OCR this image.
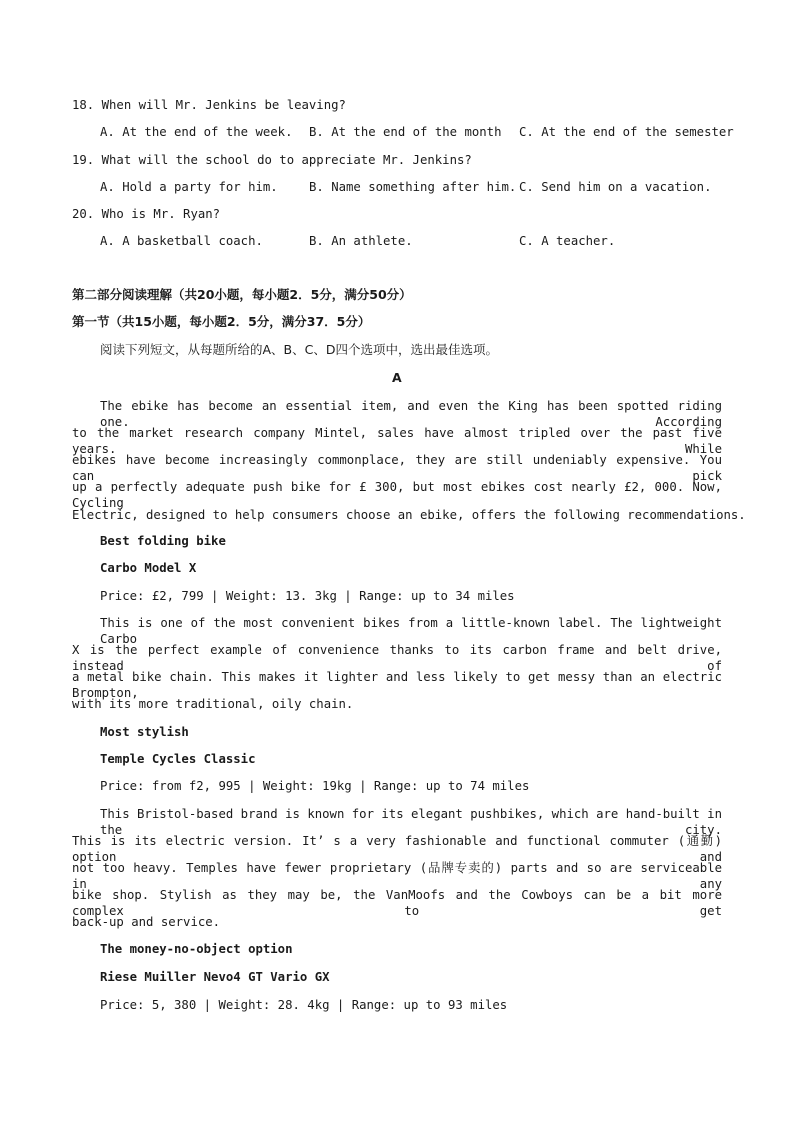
18. When will Mr. Jenkins be leaving?
A. At the end of the week. B. At the end of the month C. At the end of the semester
19. What will the school do to appreciate Mr. Jenkins?
A. Hold a party for him.	B. Name something after him. C. Send him on a vacation.
20. Who is Mr. Ryan?
A. A basketball coach.	B. An athlete.	C. A teacher.
第二部分阅读理解（共20小题，每小题2．5分，满分50分）
第一节（共15小题，每小题2．5分，满分37．5分）
阅读下列短文，从每题所给的A、B、C、D四个选项中，选出最佳选项。
A
The ebike has become an essential item, and even the King has been spotted riding one. According
to the market research company Mintel, sales have almost tripled over the past five years. While
ebikes have become increasingly commonplace, they are still undeniably expensive. You can pick
up a perfectly adequate push bike for £ 300, but most ebikes cost nearly £2, 000. Now, Cycling
Electric, designed to help consumers choose an ebike, offers the following recommendations.
Best folding bike
Carbo Model X
Price: £2, 799 | Weight: 13. 3kg | Range: up to 34 miles
This is one of the most convenient bikes from a little-known label. The lightweight Carbo
X is the perfect example of convenience thanks to its carbon frame and belt drive, instead of
a metal bike chain. This makes it lighter and less likely to get messy than an electric Brompton,
with its more traditional, oily chain.
Most stylish
Temple Cycles Classic
Price: from f2, 995 | Weight: 19kg | Range: up to 74 miles
This Bristol-based brand is known for its elegant pushbikes, which are hand-built in the city.
This is its electric version. It’ s a very fashionable and functional commuter (通勤) option and
not too heavy. Temples have fewer proprietary (品牌专卖的) parts and so are serviceable in any
bike shop. Stylish as they may be, the VanMoofs and the Cowboys can be a bit more complex to get
back-up and service.
The money-no-object option
Riese Muiller Nevo4 GT Vario GX
Price: 5, 380 | Weight: 28. 4kg | Range: up to 93 miles
